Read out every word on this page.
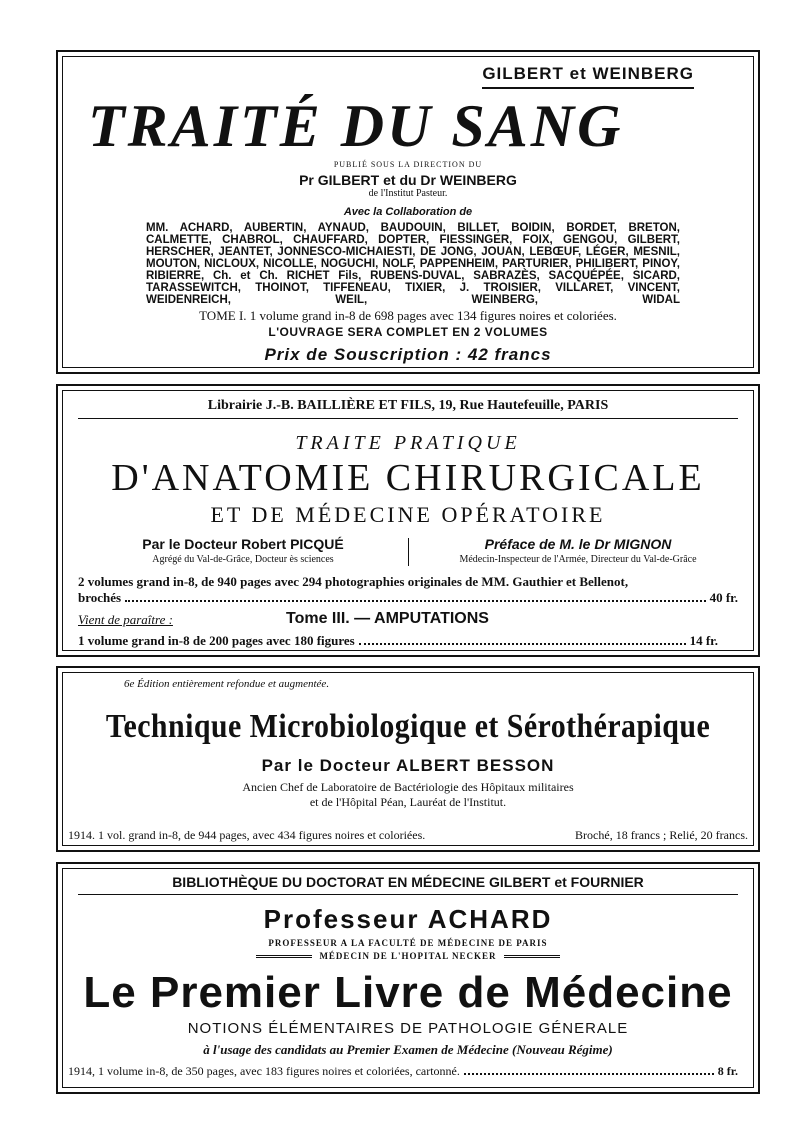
GILBERT et WEINBERG
TRAITÉ DU SANG
PUBLIÉ SOUS LA DIRECTION DU
Pr GILBERT et du Dr WEINBERG
de l'Institut Pasteur.
Avec la Collaboration de
MM. ACHARD, AUBERTIN, AYNAUD, BAUDOUIN, BILLET, BOIDIN, BORDET, BRETON, CALMETTE, CHABROL, CHAUFFARD, DOPTER, FIESSINGER, FOIX, GENGOU, GILBERT, HERSCHER, JEANTET, JONNESCO-MICHAIESTI, DE JONG, JOUAN, LEBŒUF, LÉGER, MESNIL, MOUTON, NICLOUX, NICOLLE, NOGUCHI, NOLF, PAPPENHEIM, PARTURIER, PHILIBERT, PINOY, RIBIERRE, Ch. et Ch. RICHET Fils, RUBENS-DUVAL, SABRAZÈS, SACQUÉPÉE, SICARD, TARASSEWITCH, THOINOT, TIFFENEAU, TIXIER, J. TROISIER, VILLARET, VINCENT, WEIDENREICH, WEIL, WEINBERG, WIDAL
TOME I. 1 volume grand in-8 de 698 pages avec 134 figures noires et coloriées.
L'OUVRAGE SERA COMPLET EN 2 VOLUMES
Prix de Souscription : 42 francs
Librairie J.-B. BAILLIÈRE ET FILS, 19, Rue Hautefeuille, PARIS
TRAITE PRATIQUE
D'ANATOMIE CHIRURGICALE
ET DE MÉDECINE OPÉRATOIRE
Par le Docteur Robert PICQUÉ
Agrégé du Val-de-Grâce, Docteur ès sciences
Préface de M. le Dr MIGNON
Médecin-Inspecteur de l'Armée, Directeur du Val-de-Grâce
2 volumes grand in-8, de 940 pages avec 294 photographies originales de MM. Gauthier et Bellenot,
brochés	40 fr.
Vient de paraître :	Tome III. — AMPUTATIONS
1 volume grand in-8 de 200 pages avec 180 figures	14 fr.
6e Édition entièrement refondue et augmentée.
Technique Microbiologique et Sérothérapique
Par le Docteur ALBERT BESSON
Ancien Chef de Laboratoire de Bactériologie des Hôpitaux militaires
et de l'Hôpital Péan, Lauréat de l'Institut.
1914. 1 vol. grand in-8, de 944 pages, avec 434 figures noires et coloriées.	Broché, 18 francs ; Relié, 20 francs.
BIBLIOTHÈQUE DU DOCTORAT EN MÉDECINE GILBERT et FOURNIER
Professeur ACHARD
PROFESSEUR A LA FACULTÉ DE MÉDECINE DE PARIS
MÉDECIN DE L'HOPITAL NECKER
Le Premier Livre de Médecine
NOTIONS ÉLÉMENTAIRES DE PATHOLOGIE GÉNERALE
à l'usage des candidats au Premier Examen de Médecine (Nouveau Régime)
1914, 1 volume in-8, de 350 pages, avec 183 figures noires et coloriées, cartonné.	8 fr.
